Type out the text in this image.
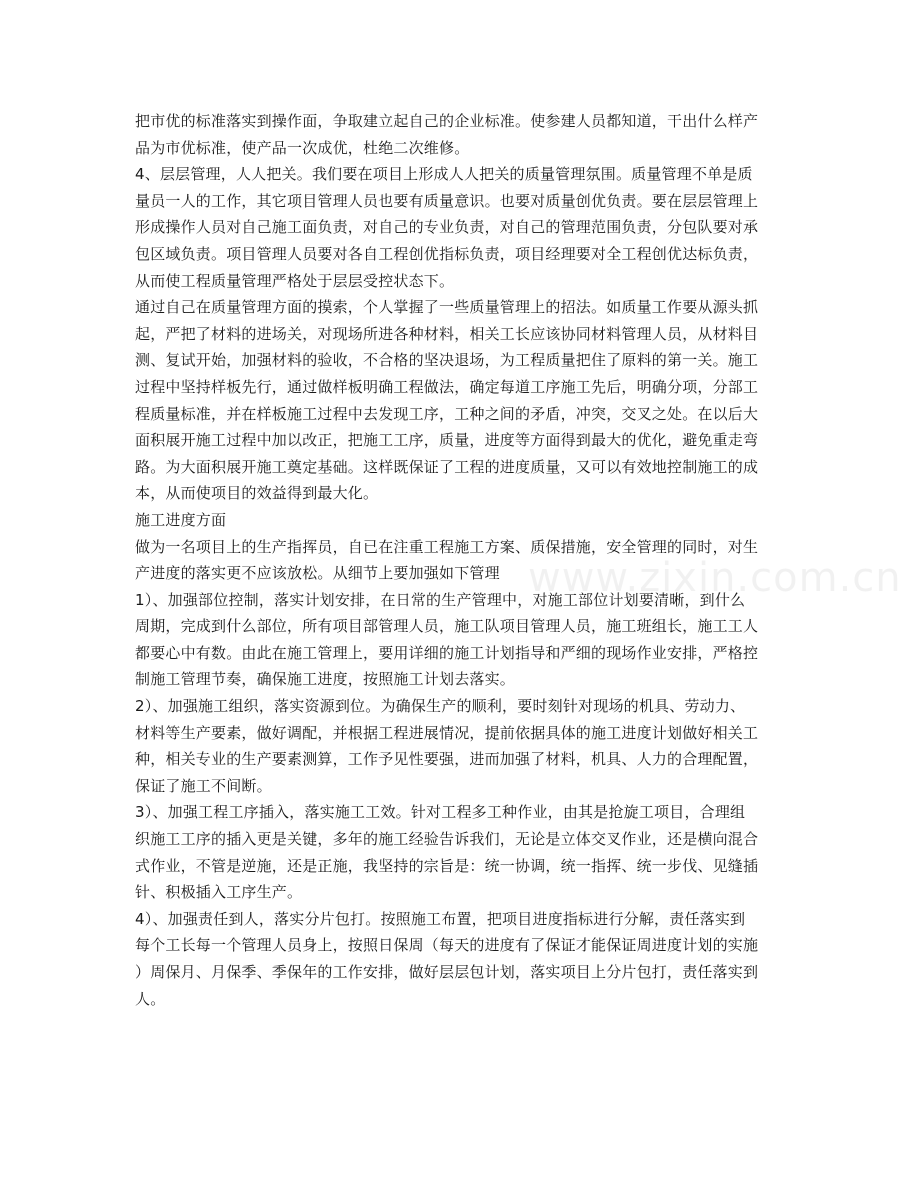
www.zixin.com.cn
把市优的标准落实到操作面，争取建立起自己的企业标准。使参建人员都知道，干出什么样产
品为市优标准，使产品一次成优，杜绝二次维修。
4、层层管理，人人把关。我们要在项目上形成人人把关的质量管理氛围。质量管理不单是质
量员一人的工作，其它项目管理人员也要有质量意识。也要对质量创优负责。要在层层管理上
形成操作人员对自己施工面负责，对自己的专业负责，对自己的管理范围负责，分包队要对承
包区域负责。项目管理人员要对各自工程创优指标负责，项目经理要对全工程创优达标负责，
从而使工程质量管理严格处于层层受控状态下。
通过自己在质量管理方面的摸索，个人掌握了一些质量管理上的招法。如质量工作要从源头抓
起，严把了材料的进场关，对现场所进各种材料，相关工长应该协同材料管理人员，从材料目
测、复试开始，加强材料的验收，不合格的坚决退场，为工程质量把住了原料的第一关。施工
过程中坚持样板先行，通过做样板明确工程做法，确定每道工序施工先后，明确分项，分部工
程质量标准，并在样板施工过程中去发现工序，工种之间的矛盾，冲突，交叉之处。在以后大
面积展开施工过程中加以改正，把施工工序，质量，进度等方面得到最大的优化，避免重走弯
路。为大面积展开施工奠定基础。这样既保证了工程的进度质量，又可以有效地控制施工的成
本，从而使项目的效益得到最大化。
施工进度方面
做为一名项目上的生产指挥员，自已在注重工程施工方案、质保措施，安全管理的同时，对生
产进度的落实更不应该放松。从细节上要加强如下管理
1）、加强部位控制，落实计划安排，在日常的生产管理中，对施工部位计划要清晰，到什么
周期，完成到什么部位，所有项目部管理人员，施工队项目管理人员，施工班组长，施工工人
都要心中有数。由此在施工管理上，要用详细的施工计划指导和严细的现场作业安排，严格控
制施工管理节奏，确保施工进度，按照施工计划去落实。
2）、加强施工组织，落实资源到位。为确保生产的顺利，要时刻针对现场的机具、劳动力、
材料等生产要素，做好调配，并根据工程进展情况，提前依据具体的施工进度计划做好相关工
种，相关专业的生产要素测算，工作予见性要强，进而加强了材料，机具、人力的合理配置，
保证了施工不间断。
3）、加强工程工序插入，落实施工工效。针对工程多工种作业，由其是抢旋工项目，合理组
织施工工序的插入更是关键，多年的施工经验告诉我们，无论是立体交叉作业，还是横向混合
式作业，不管是逆施，还是正施，我坚持的宗旨是：统一协调，统一指挥、统一步伐、见缝插
针、积极插入工序生产。
4）、加强责任到人，落实分片包打。按照施工布置，把项目进度指标进行分解，责任落实到
每个工长每一个管理人员身上，按照日保周（每天的进度有了保证才能保证周进度计划的实施
）周保月、月保季、季保年的工作安排，做好层层包计划，落实项目上分片包打，责任落实到
人。
